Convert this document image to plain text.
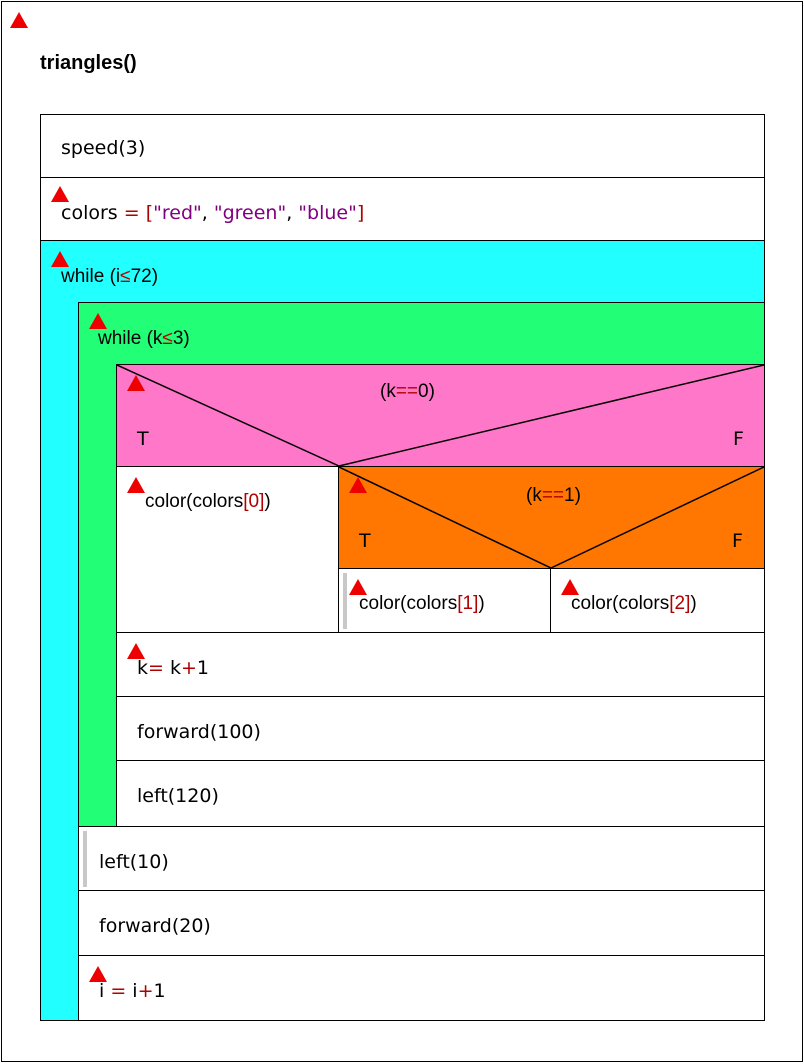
triangles()
speed(3)
colors = ["red", "green", "blue"]
while (i≤72)
while (k≤3)
(k==0)
T	F
color(colors[0])	(k==1)
T	F
color(colors[1])	color(colors[2])
k= k+1
forward(100)
left(120)
left(10)
forward(20)
i = i+1
